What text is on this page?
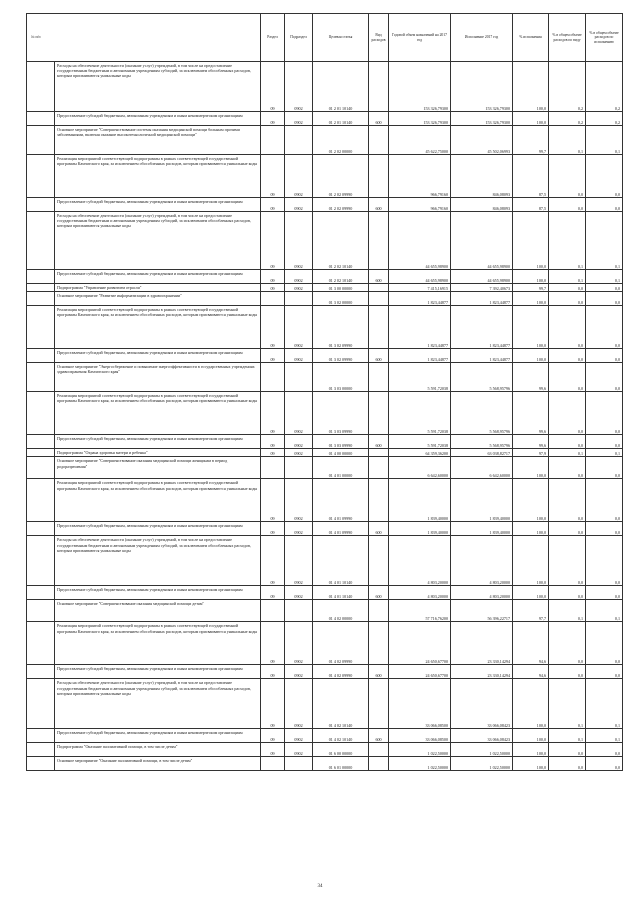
№ п/п		Раздел	Подраздел	Целевая статья	Вид расходов	Годовой объем назначений на 2017 год	Исполнение 2017 год	% исполнения	% в общем объеме расходов по виду	% в общем объеме расходов по исполнению
	Расходы на обеспечение деятельности (оказание услуг) учреждений, в том числе на предоставление государственным бюджетным и автономным учреждениям субсидий, за исключением обособленных расходов, которым присваиваются уникальные коды	09	0902	01 2 01 10140		153 326,79300	153 326,79300	100,0	0,2	0,2
	Предоставление субсидий бюджетным, автономным учреждениям и иным некоммерческим организациям	09	0902	01 2 01 10140	600	153 326,79300	153 326,79300	100,0	0,2	0,2
	Основное мероприятие "Совершенствование системы оказания медицинской помощи больным прочими заболеваниями, включая оказание высокотехнологичной медицинской помощи"			01 2 02 00000		45 622,75000	45 502,06993	99,7	0,1	0,1
	Реализация мероприятий соответствующей подпрограммы в рамках соответствующей государственной программы Камчатского края, за исключением обособленных расходов, которым присваиваются уникальные коды	09	0902	01 2 02 09990		966,79160	846,08093	87,5	0,0	0,0
	Предоставление субсидий бюджетным, автономным учреждениям и иным некоммерческим организациям	09	0902	01 2 02 09990	600	966,79160	846,08093	87,5	0,0	0,0
	Расходы на обеспечение деятельности (оказание услуг) учреждений, в том числе на предоставление государственным бюджетным и автономным учреждениям субсидий, за исключением обособленных расходов, которым присваиваются уникальные коды	09	0902	01 2 02 10140		44 655,98900	44 655,98900	100,0	0,1	0,1
	Предоставление субсидий бюджетным, автономным учреждениям и иным некоммерческим организациям	09	0902	01 2 02 10140	600	44 655,98900	44 655,98900	100,0	0,1	0,1
	Подпрограмма "Управление развитием отрасли"	09	0902	01 3 00 00000		7 415,16915	7 392,40673	99,7	0,0	0,0
	Основное мероприятие "Развитие информатизации в здравоохранении"			01 3 02 00000		1 823,44877	1 823,44877	100,0	0,0	0,0
	Реализация мероприятий соответствующей подпрограммы в рамках соответствующей государственной программы Камчатского края, за исключением обособленных расходов, которым присваиваются уникальные коды	09	0902	01 3 02 09990		1 823,44877	1 823,44877	100,0	0,0	0,0
	Предоставление субсидий бюджетным, автономным учреждениям и иным некоммерческим организациям	09	0902	01 3 02 09990	600	1 823,44877	1 823,44877	100,0	0,0	0,0
	Основное мероприятие "Энергосбережение и повышение энергоэффективности в государственных учреждениях здравоохранения Камчатского края"			01 3 03 00000		5 591,72038	5 568,95796	99,6	0,0	0,0
	Реализация мероприятий соответствующей подпрограммы в рамках соответствующей государственной программы Камчатского края, за исключением обособленных расходов, которым присваиваются уникальные коды	09	0902	01 3 03 09990		5 591,72038	5 568,95796	99,6	0,0	0,0
	Предоставление субсидий бюджетным, автономным учреждениям и иным некоммерческим организациям	09	0902	01 3 03 09990	600	5 591,72038	5 568,95796	99,6	0,0	0,0
	Подпрограмма "Охрана здоровья матери и ребенка"	09	0902	01 4 00 00000		64 359,36200	63 038,82717	97,9	0,1	0,1
	Основное мероприятие "Совершенствование оказания медицинской помощи женщинам в период родоразрешения"			01 4 01 00000		6 642,60000	6 642,60000	100,0	0,0	0,0
	Реализация мероприятий соответствующей подпрограммы в рамках соответствующей государственной программы Камчатского края, за исключением обособленных расходов, которым присваиваются уникальные коды	09	0902	01 4 01 09990		1 839,40000	1 839,40000	100,0	0,0	0,0
	Предоставление субсидий бюджетным, автономным учреждениям и иным некоммерческим организациям	09	0902	01 4 01 09990	600	1 839,40000	1 839,40000	100,0	0,0	0,0
	Расходы на обеспечение деятельности (оказание услуг) учреждений, в том числе на предоставление государственным бюджетным и автономным учреждениям субсидий, за исключением обособленных расходов, которым присваиваются уникальные коды	09	0902	01 4 01 10140		4 803,20000	4 803,20000	100,0	0,0	0,0
	Предоставление субсидий бюджетным, автономным учреждениям и иным некоммерческим организациям	09	0902	01 4 01 10140	600	4 803,20000	4 803,20000	100,0	0,0	0,0
	Основное мероприятие "Совершенствование оказания медицинской помощи детям"			01 4 02 00000		57 716,76200	56 396,22717	97,7	0,1	0,1
	Реализация мероприятий соответствующей подпрограммы в рамках соответствующей государственной программы Камчатского края, за исключением обособленных расходов, которым присваиваются уникальные коды	09	0902	01 4 02 09990		24 650,67700	23 330,14294	94,6	0,0	0,0
	Предоставление субсидий бюджетным, автономным учреждениям и иным некоммерческим организациям	09	0902	01 4 02 09990	600	24 650,67700	23 330,14294	94,6	0,0	0,0
	Расходы на обеспечение деятельности (оказание услуг) учреждений, в том числе на предоставление государственным бюджетным и автономным учреждениям субсидий, за исключением обособленных расходов, которым присваиваются уникальные коды	09	0902	01 4 02 10140		33 066,08500	33 066,08423	100,0	0,1	0,1
	Предоставление субсидий бюджетным, автономным учреждениям и иным некоммерческим организациям	09	0902	01 4 02 10140	600	33 066,08500	33 066,08423	100,0	0,1	0,1
	Подпрограмма "Оказание паллиативной помощи, в том числе детям"	09	0902	01 6 00 00000		1 022,50000	1 022,50000	100,0	0,0	0,0
	Основное мероприятие "Оказание паллиативной помощи, в том числе детям"			01 6 01 00000		1 022,50000	1 022,50000	100,0	0,0	0,0
34
